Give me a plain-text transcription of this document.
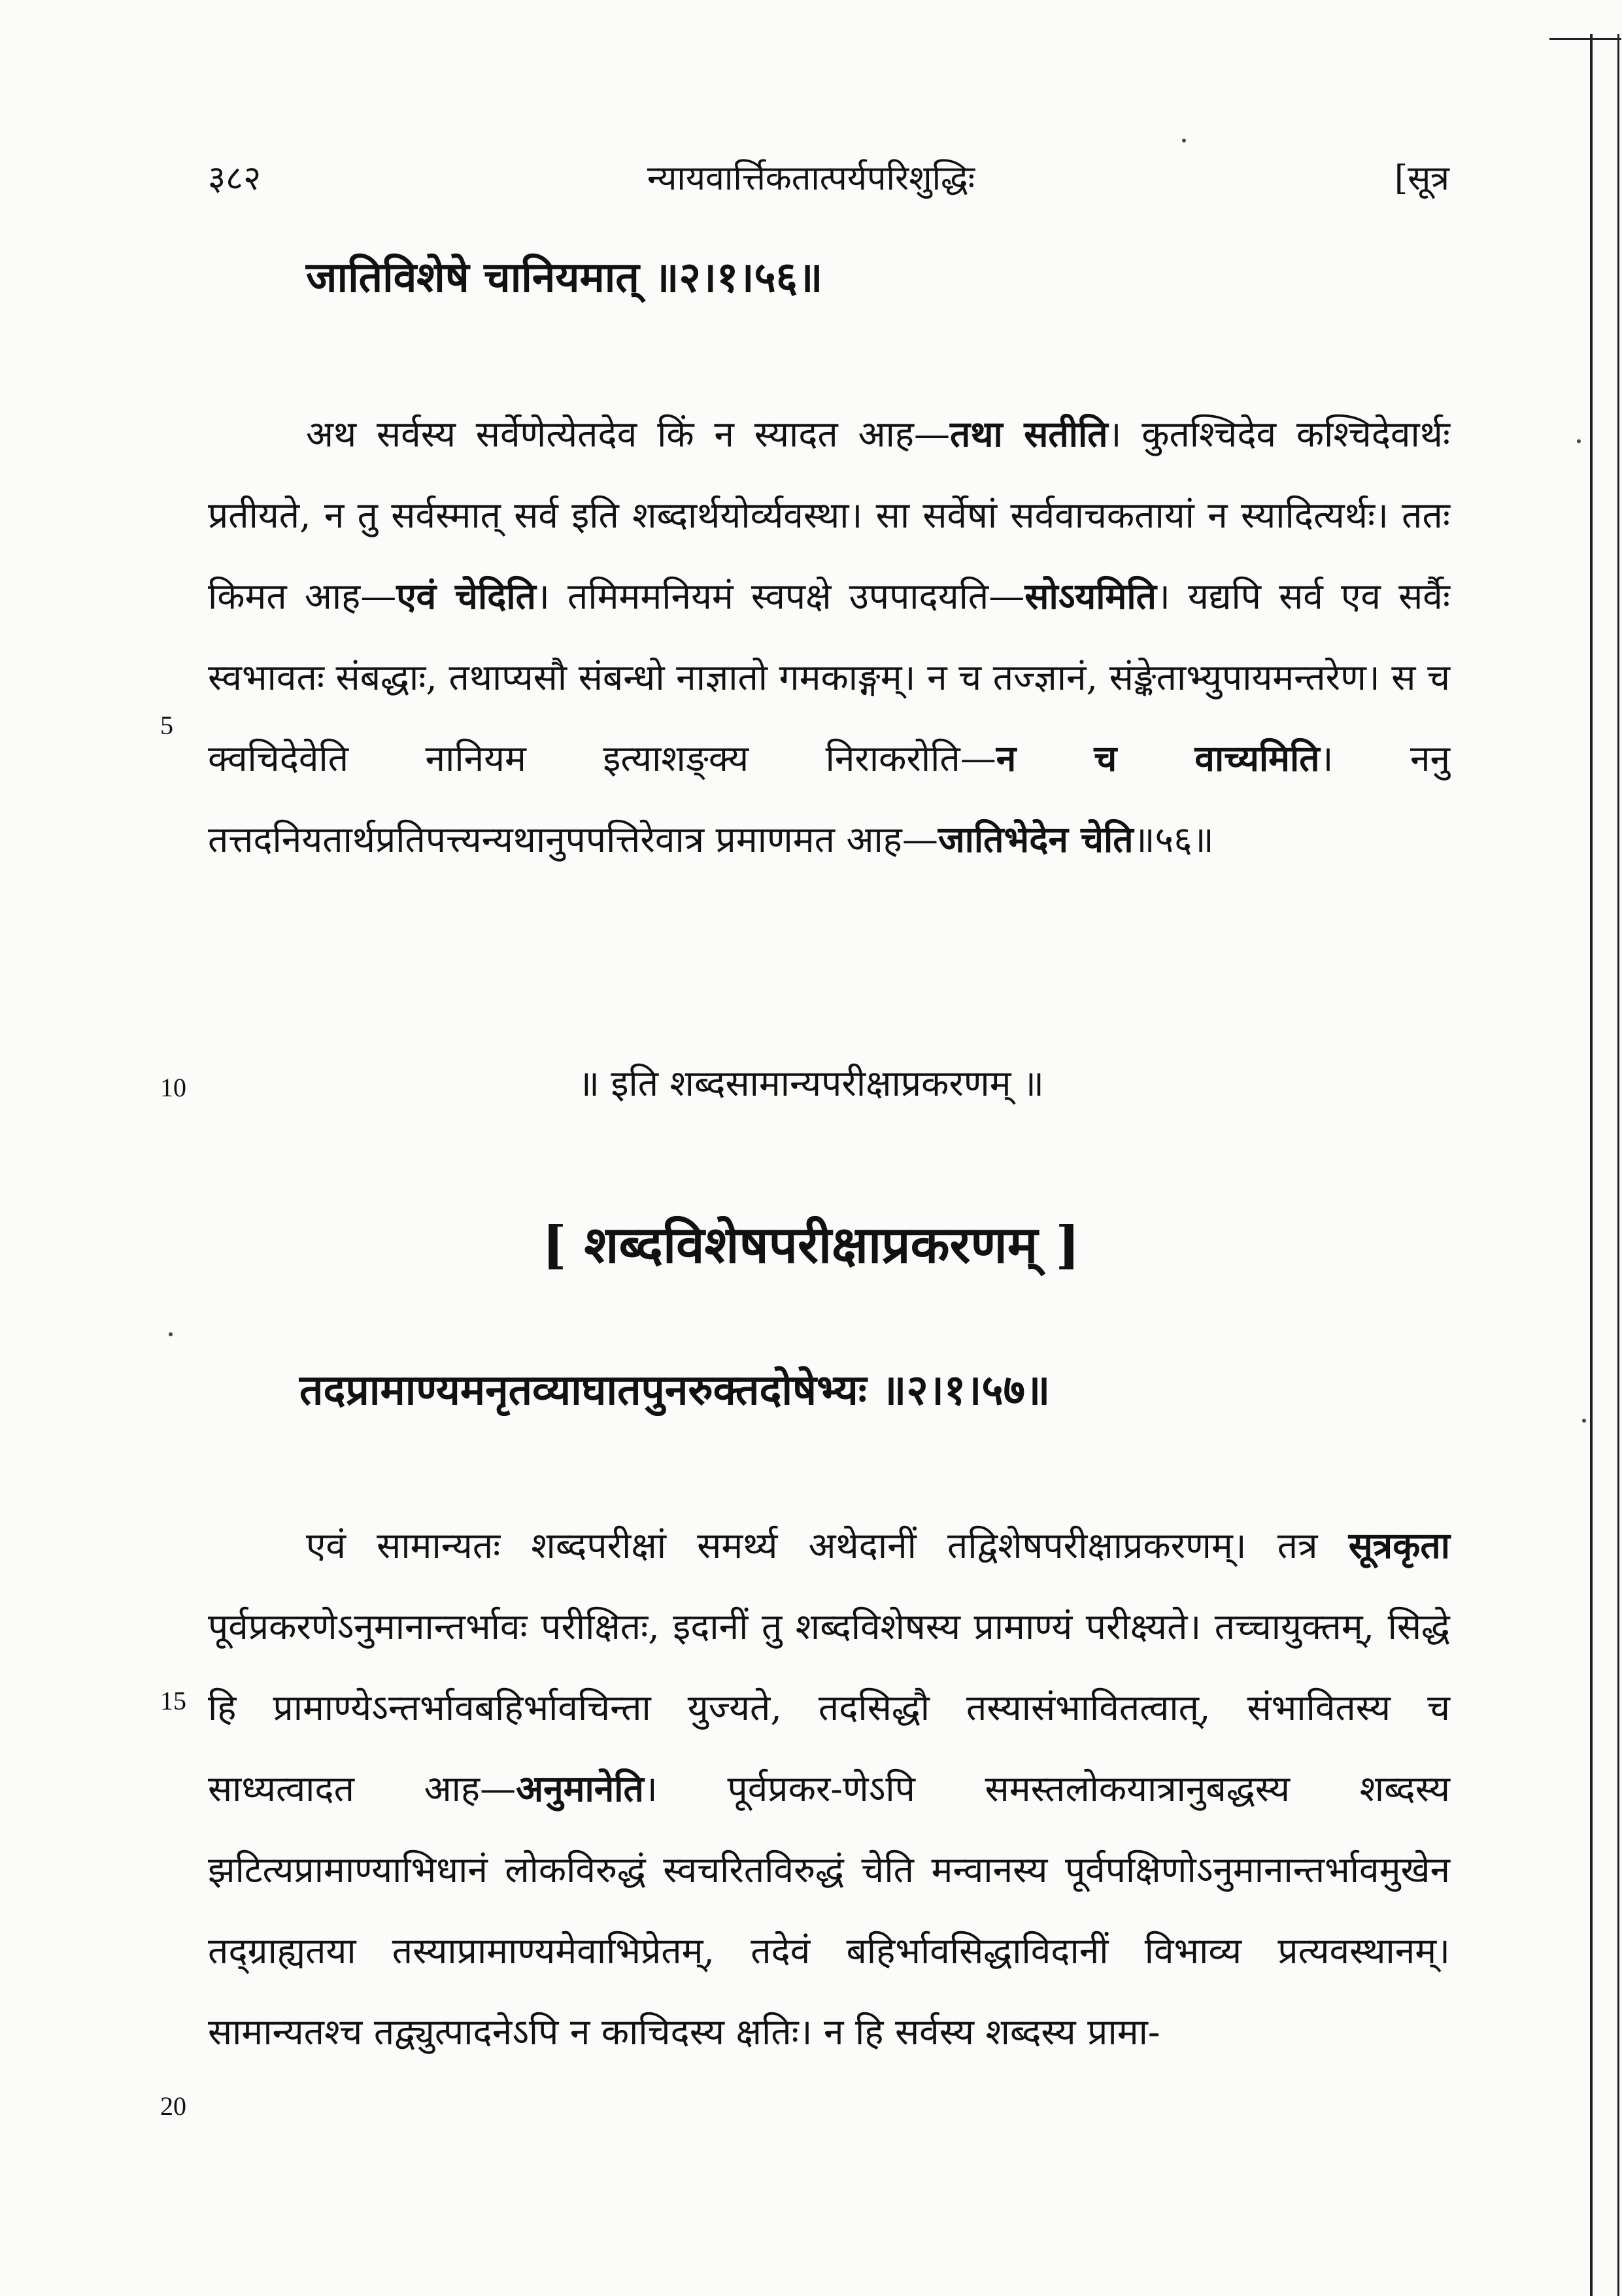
३८२	न्यायवार्त्तिकतात्पर्यपरिशुद्धिः	[सूत्र
जातिविशेषे चानियमात् ॥२।१।५६॥

अथ सर्वस्य सर्वेणेत्येतदेव किं न स्यादत आह—तथा सतीति। कुतश्चिदेव कश्चिदेवार्थः प्रतीयते, न तु सर्वस्मात् सर्व इति शब्दार्थयोर्व्यवस्था। सा सर्वेषां सर्ववाचकतायां न स्यादित्यर्थः। ततः किमत आह—एवं चेदिति। तमिममनियमं स्वपक्षे उपपादयति—सोऽयमिति। यद्यपि सर्व एव सर्वैः स्वभावतः संबद्धाः, तथाप्यसौ संबन्धो नाज्ञातो गमकाङ्गम्। न च तज्ज्ञानं, संङ्केताभ्युपायमन्तरेण। स च क्वचिदेवेति नानियम इत्याशङ्क्य निराकरोति—न च वाच्यमिति। ननु तत्तदनियतार्थप्रतिपत्त्यन्यथानुपपत्तिरेवात्र प्रमाणमत आह—जातिभेदेन चेति॥५६॥

5
10	॥ इति शब्दसामान्यपरीक्षाप्रकरणम् ॥
[ शब्दविशेषपरीक्षाप्रकरणम् ]
तदप्रामाण्यमनृतव्याघातपुनरुक्तदोषेभ्यः ॥२।१।५७॥

एवं सामान्यतः शब्दपरीक्षां समर्थ्य अथेदानीं तद्विशेषपरीक्षाप्रकरणम्। तत्र सूत्रकृता पूर्वप्रकरणेऽनुमानान्तर्भावः परीक्षितः, इदानीं तु शब्दविशेषस्य प्रामाण्यं परीक्ष्यते। तच्चायुक्तम्, सिद्धे हि प्रामाण्येऽन्तर्भावबहिर्भावचिन्ता युज्यते, तदसिद्धौ तस्यासंभावितत्वात्, संभावितस्य च साध्यत्वादत आह—अनुमानेति। पूर्वप्रकर-णेऽपि समस्तलोकयात्रानुबद्धस्य शब्दस्य झटित्यप्रामाण्याभिधानं लोकविरुद्धं स्वचरितविरुद्धं चेति मन्वानस्य पूर्वपक्षिणोऽनुमानान्तर्भावमुखेन तद्ग्राह्यतया तस्याप्रामाण्यमेवाभिप्रेतम्, तदेवं बहिर्भावसिद्धाविदानीं विभाव्य प्रत्यवस्थानम्। सामान्यतश्च तद्व्युत्पादनेऽपि न काचिदस्य क्षतिः। न हि सर्वस्य शब्दस्य प्रामा-

15
20
